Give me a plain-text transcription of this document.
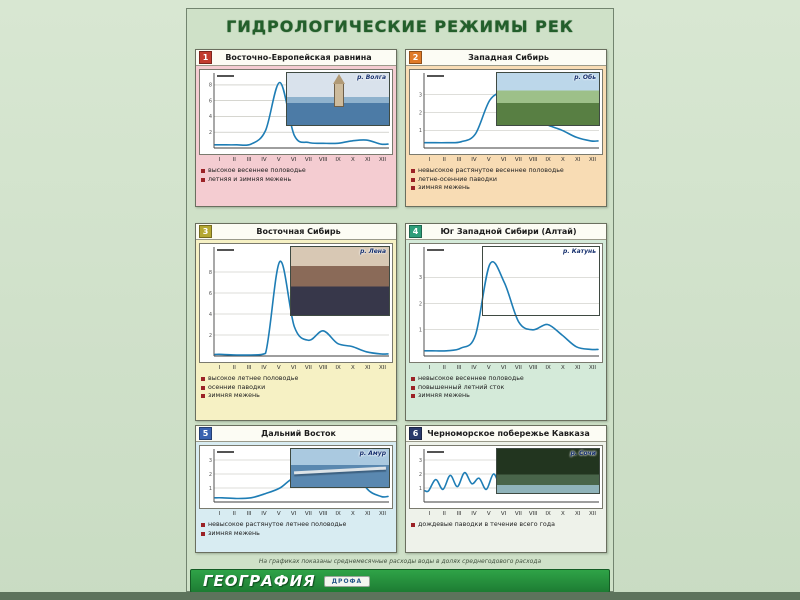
ГИДРОЛОГИЧЕСКИЕ РЕЖИМЫ РЕК
1	Восточно-Европейская равнина
2
4
6
8
р. Волга
I	II	III	IV	V	VI	VII	VIII	IX	X	XI	XII
высокое весеннее половодье
летняя и зимняя межень
2	Западная Сибирь
1
2
3
р. Обь
I	II	III	IV	V	VI	VII	VIII	IX	X	XI	XII
невысокое растянутое весеннее половодье
летне-осенние паводки
зимняя межень
3	Восточная Сибирь
2
4
6
8
р. Лена
I	II	III	IV	V	VI	VII	VIII	IX	X	XI	XII
высокое летнее половодье
осенние паводки
зимняя межень
4	Юг Западной Сибири (Алтай)
1
2
3
р. Катунь
I	II	III	IV	V	VI	VII	VIII	IX	X	XI	XII
невысокое весеннее половодье
повышенный летний сток
зимняя межень
5	Дальний Восток
1
2
3
р. Амур
I	II	III	IV	V	VI	VII	VIII	IX	X	XI	XII
невысокое растянутое летнее половодье
зимняя межень
6	Черноморское побережье Кавказа
1
2
3
р. Сочи
I	II	III	IV	V	VI	VII	VIII	IX	X	XI	XII
дождевые паводки в течение всего года
На графиках показаны среднемесячные расходы воды в долях среднегодового расхода
ГЕОГРАФИЯ	ДРОФА
